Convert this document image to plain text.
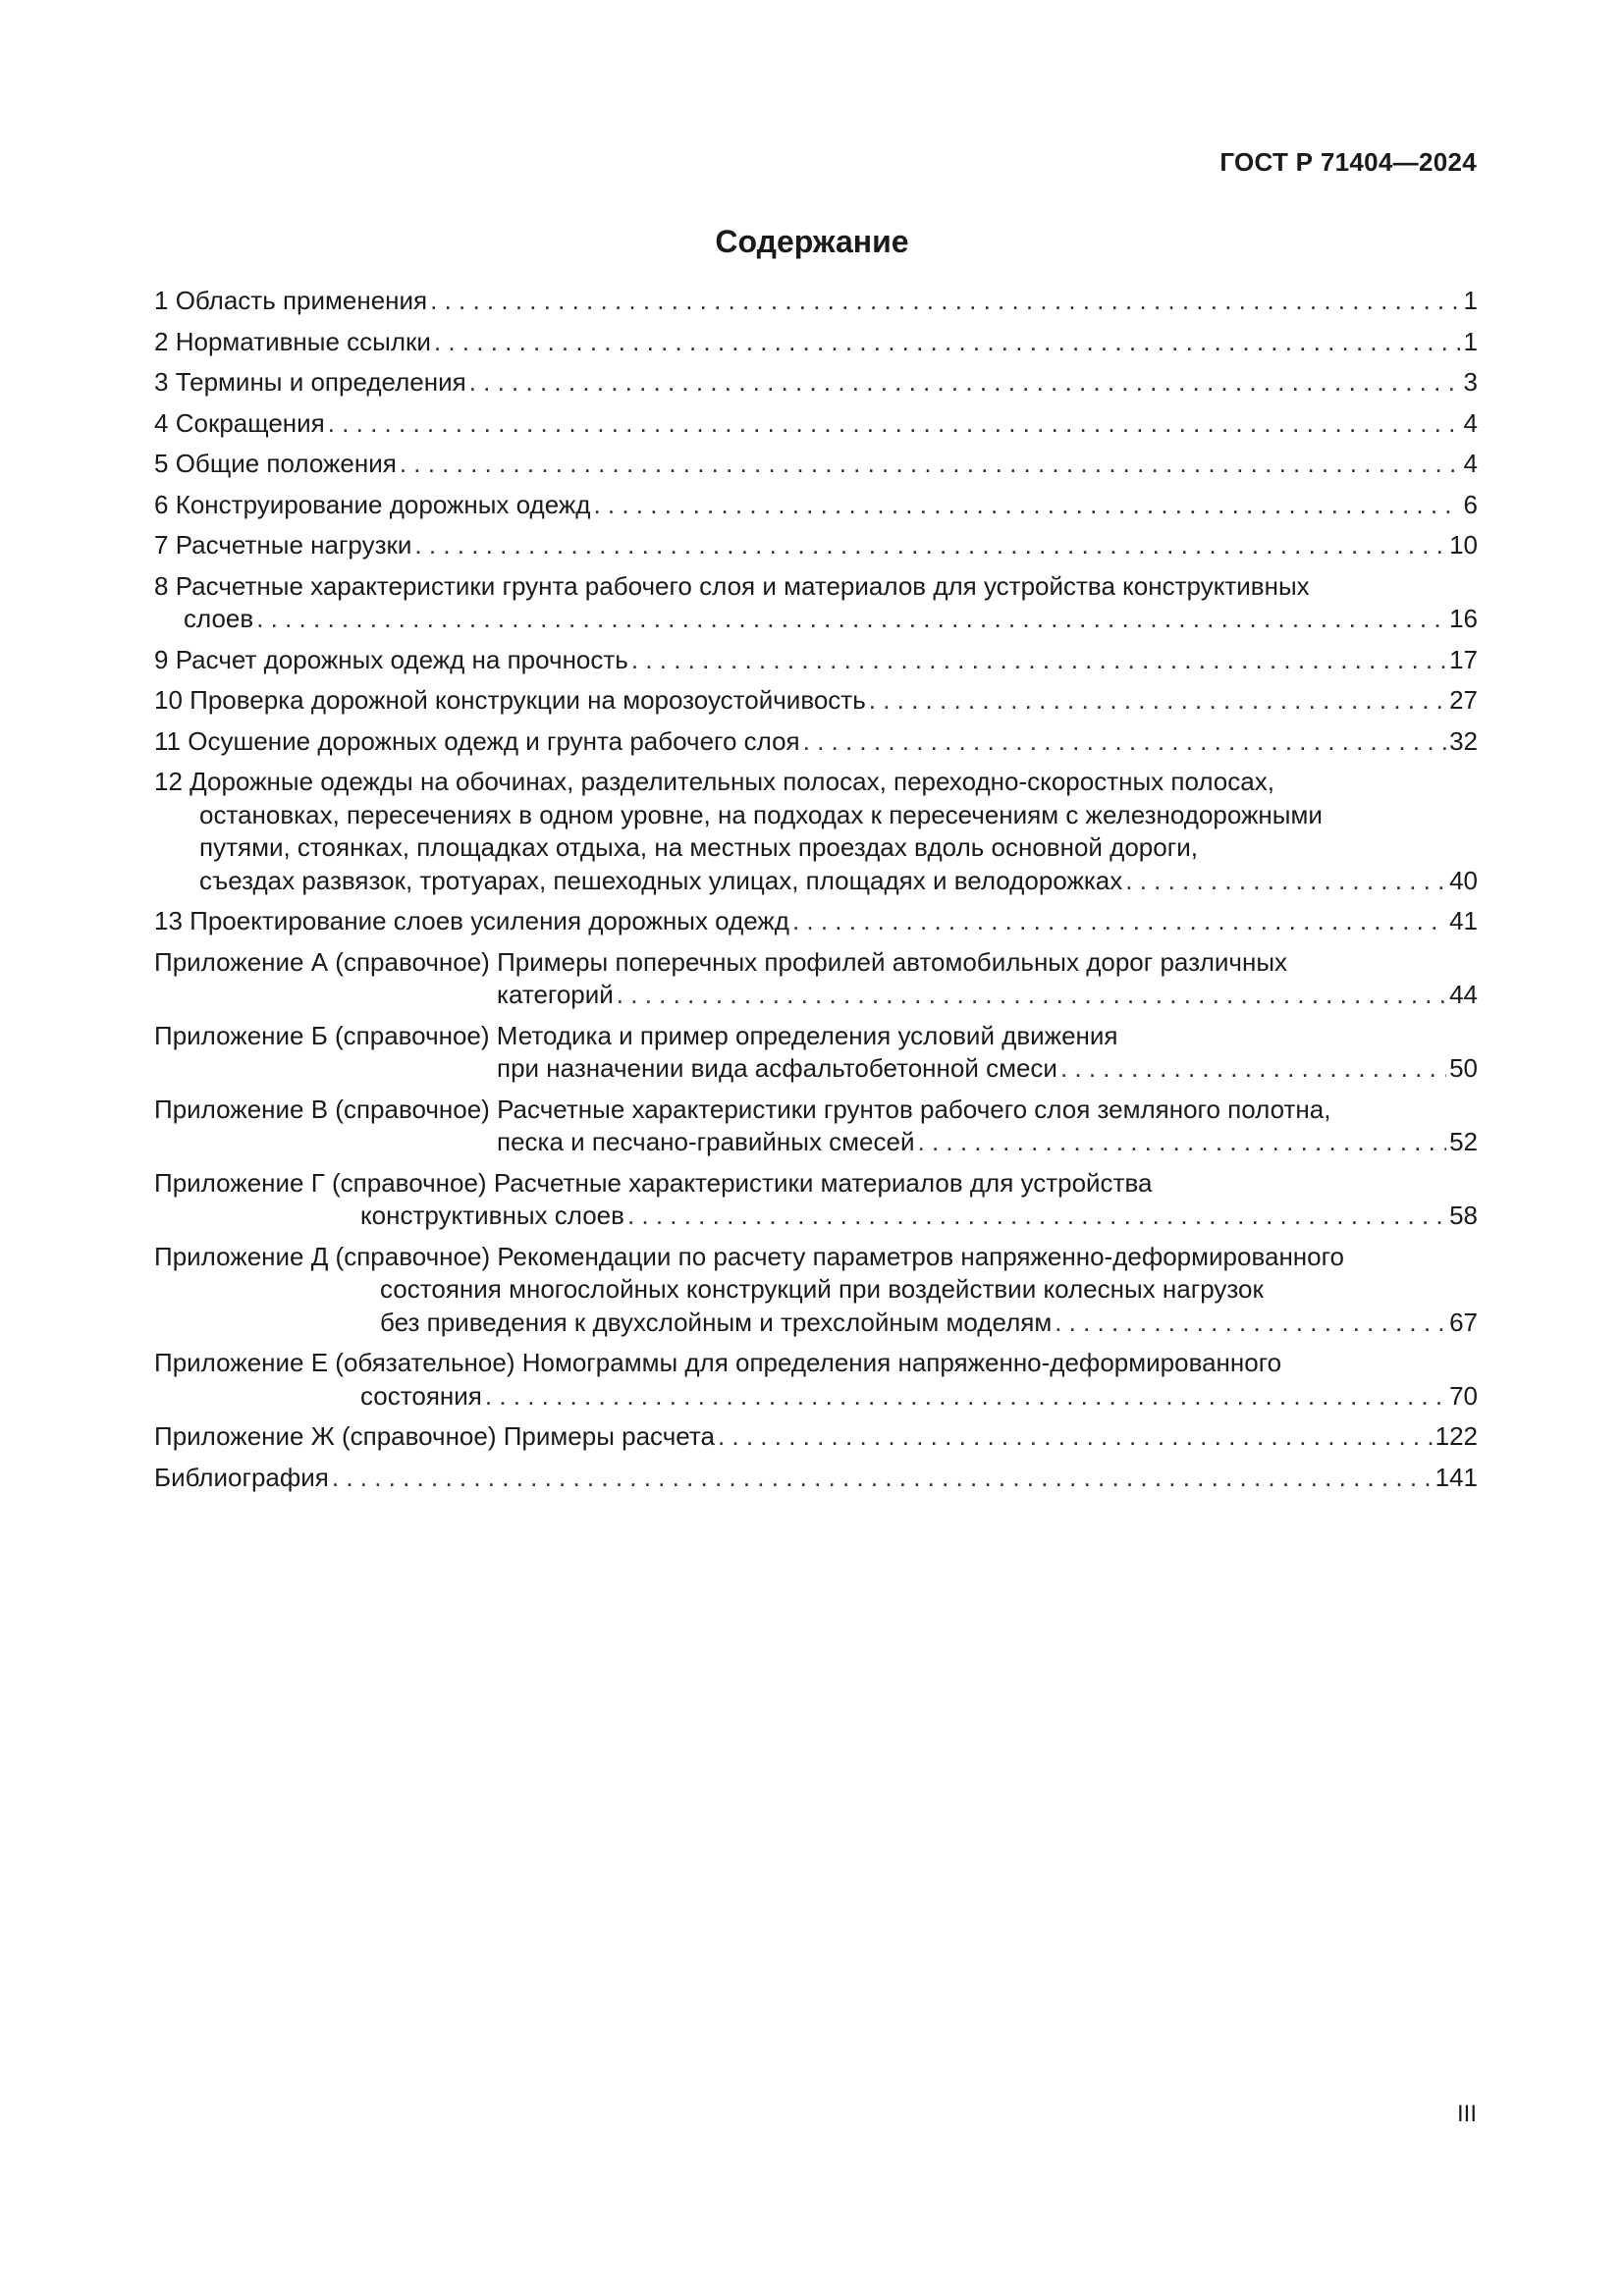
ГОСТ Р 71404—2024
Содержание
1 Область применения . . .	1
2 Нормативные ссылки . . .	1
3 Термины и определения . . .	3
4 Сокращения . . .	4
5 Общие положения . . .	4
6 Конструирование дорожных одежд . . .	6
7 Расчетные нагрузки . . .	10
8 Расчетные характеристики грунта рабочего слоя и материалов для устройства конструктивных
слоев . . .	16
9 Расчет дорожных одежд на прочность . . .	17
10 Проверка дорожной конструкции на морозоустойчивость . . .	27
11 Осушение дорожных одежд и грунта рабочего слоя . . .	32
12 Дорожные одежды на обочинах, разделительных полосах, переходно-скоростных полосах,
остановках, пересечениях в одном уровне, на подходах к пересечениям с железнодорожными
путями, стоянках, площадках отдыха, на местных проездах вдоль основной дороги,
съездах развязок, тротуарах, пешеходных улицах, площадях и велодорожках . . .	40
13 Проектирование слоев усиления дорожных одежд . . .	41
Приложение А (справочное) Примеры поперечных профилей автомобильных дорог различных
категорий . . .	44
Приложение Б (справочное) Методика и пример определения условий движения
при назначении вида асфальтобетонной смеси . . .	50
Приложение В (справочное) Расчетные характеристики грунтов рабочего слоя земляного полотна,
песка и песчано-гравийных смесей . . .	52
Приложение Г (справочное) Расчетные характеристики материалов для устройства
конструктивных слоев . . .	58
Приложение Д (справочное) Рекомендации по расчету параметров напряженно-деформированного
состояния многослойных конструкций при воздействии колесных нагрузок
без приведения к двухслойным и трехслойным моделям . . .	67
Приложение Е (обязательное) Номограммы для определения напряженно-деформированного
состояния . . .	70
Приложение Ж (справочное) Примеры расчета . . .	122
Библиография . . .	141
III
